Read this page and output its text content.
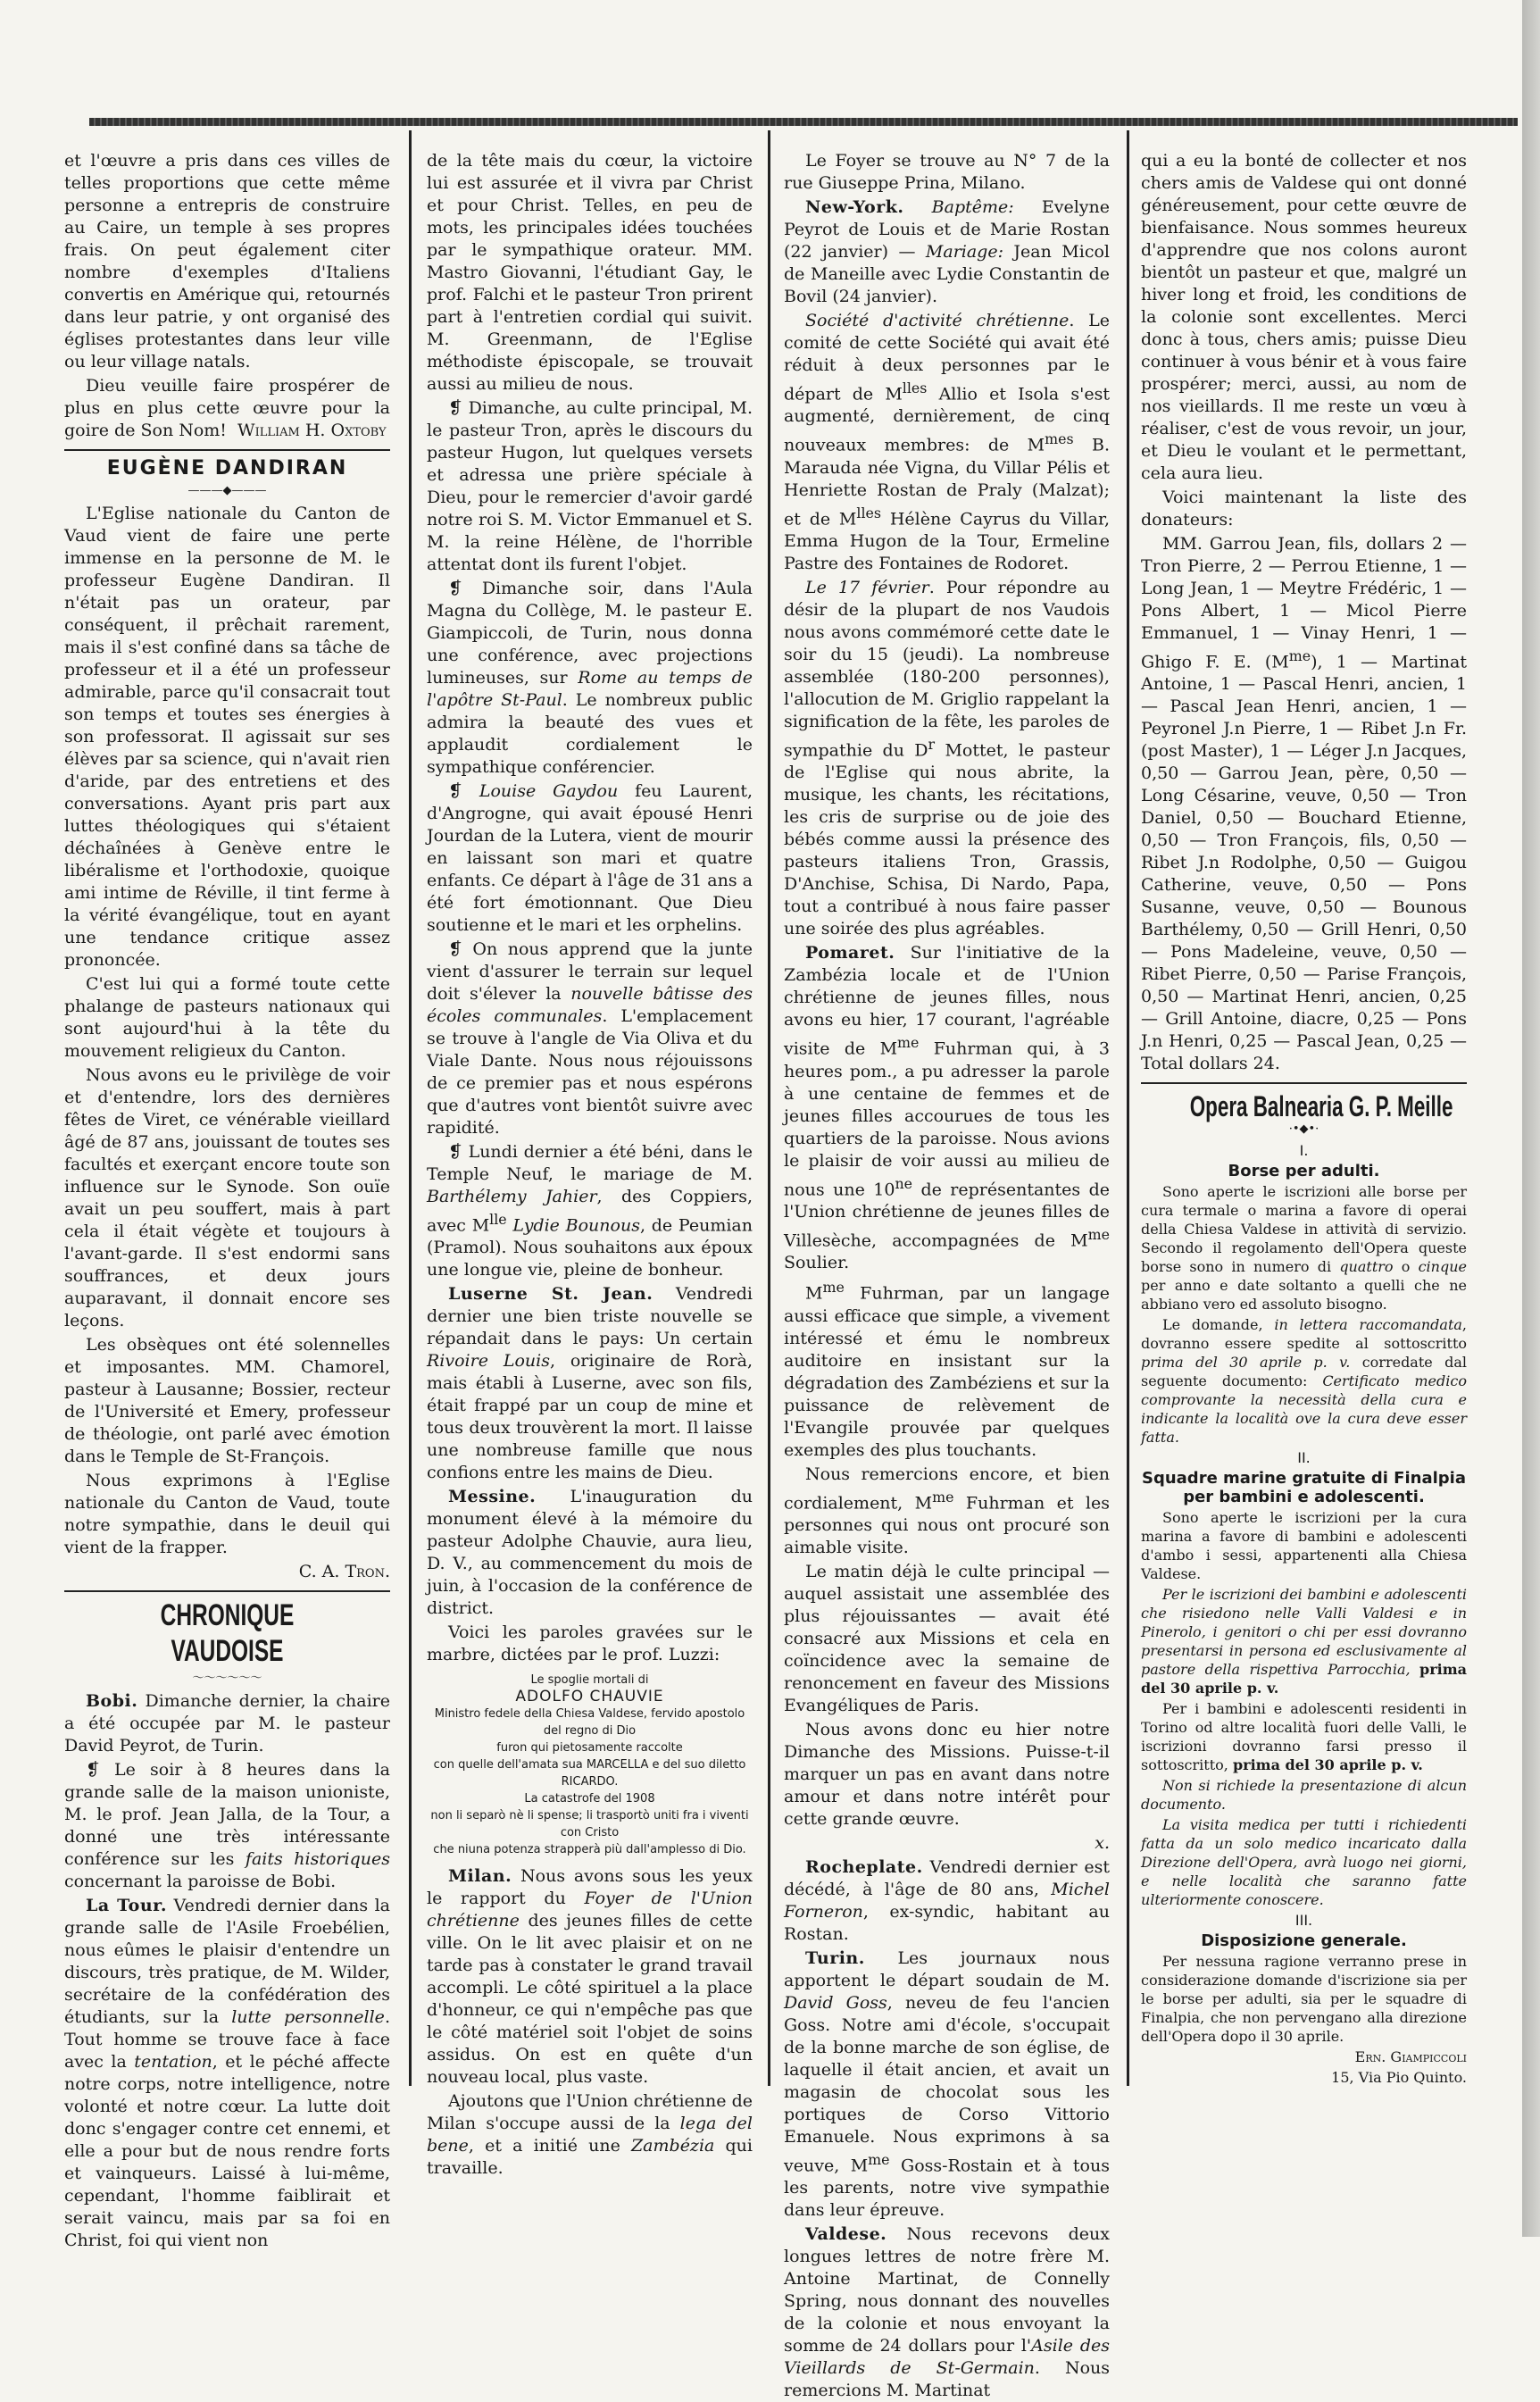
et l'œuvre a pris dans ces villes de telles proportions que cette même personne a entrepris de construire au Caire, un temple à ses propres frais. On peut également citer nombre d'exemples d'Italiens convertis en Amérique qui, retournés dans leur patrie, y ont organisé des églises protestantes dans leur ville ou leur village natals.

Dieu veuille faire prospérer de plus en plus cette œuvre pour la goire de Son Nom! William H. Oxtoby

EUGÈNE DANDIRAN
———◆———

L'Eglise nationale du Canton de Vaud vient de faire une perte immense en la personne de M. le professeur Eugène Dandiran. Il n'était pas un orateur, par conséquent, il prêchait rarement, mais il s'est confiné dans sa tâche de professeur et il a été un professeur admirable, parce qu'il consacrait tout son temps et toutes ses énergies à son professorat. Il agissait sur ses élèves par sa science, qui n'avait rien d'aride, par des entretiens et des conversations. Ayant pris part aux luttes théologiques qui s'étaient déchaînées à Genève entre le libéralisme et l'orthodoxie, quoique ami intime de Réville, il tint ferme à la vérité évangélique, tout en ayant une tendance critique assez prononcée.

C'est lui qui a formé toute cette phalange de pasteurs nationaux qui sont aujourd'hui à la tête du mouvement religieux du Canton.

Nous avons eu le privilège de voir et d'entendre, lors des dernières fêtes de Viret, ce vénérable vieillard âgé de 87 ans, jouissant de toutes ses facultés et exerçant encore toute son influence sur le Synode. Son ouïe avait un peu souffert, mais à part cela il était végète et toujours à l'avant-garde. Il s'est endormi sans souffrances, et deux jours auparavant, il donnait encore ses leçons.

Les obsèques ont été solennelles et imposantes. MM. Chamorel, pasteur à Lausanne; Bossier, recteur de l'Université et Emery, professeur de théologie, ont parlé avec émotion dans le Temple de St-François.

Nous exprimons à l'Eglise nationale du Canton de Vaud, toute notre sympathie, dans le deuil qui vient de la frapper.

C. A. Tron.

CHRONIQUE VAUDOISE
～～～～～～

Bobi. Dimanche dernier, la chaire a été occupée par M. le pasteur David Peyrot, de Turin.

❡ Le soir à 8 heures dans la grande salle de la maison unioniste, M. le prof. Jean Jalla, de la Tour, a donné une très intéressante conférence sur les faits historiques concernant la paroisse de Bobi.

La Tour. Vendredi dernier dans la grande salle de l'Asile Froebélien, nous eûmes le plaisir d'entendre un discours, très pratique, de M. Wilder, secrétaire de la confédération des étudiants, sur la lutte personnelle. Tout homme se trouve face à face avec la tentation, et le péché affecte notre corps, notre intelligence, notre volonté et notre cœur. La lutte doit donc s'engager contre cet ennemi, et elle a pour but de nous rendre forts et vainqueurs. Laissé à lui-même, cependant, l'homme faiblirait et serait vaincu, mais par sa foi en Christ, foi qui vient non

de la tête mais du cœur, la victoire lui est assurée et il vivra par Christ et pour Christ. Telles, en peu de mots, les principales idées touchées par le sympathique orateur. MM. Mastro Giovanni, l'étudiant Gay, le prof. Falchi et le pasteur Tron prirent part à l'entretien cordial qui suivit. M. Greenmann, de l'Eglise méthodiste épiscopale, se trouvait aussi au milieu de nous.

❡ Dimanche, au culte principal, M. le pasteur Tron, après le discours du pasteur Hugon, lut quelques versets et adressa une prière spéciale à Dieu, pour le remercier d'avoir gardé notre roi S. M. Victor Emmanuel et S. M. la reine Hélène, de l'horrible attentat dont ils furent l'objet.

❡ Dimanche soir, dans l'Aula Magna du Collège, M. le pasteur E. Giampiccoli, de Turin, nous donna une conférence, avec projections lumineuses, sur Rome au temps de l'apôtre St-Paul. Le nombreux public admira la beauté des vues et applaudit cordialement le sympathique conférencier.

❡ Louise Gaydou feu Laurent, d'Angrogne, qui avait épousé Henri Jourdan de la Lutera, vient de mourir en laissant son mari et quatre enfants. Ce départ à l'âge de 31 ans a été fort émotionnant. Que Dieu soutienne et le mari et les orphelins.

❡ On nous apprend que la junte vient d'assurer le terrain sur lequel doit s'élever la nouvelle bâtisse des écoles communales. L'emplacement se trouve à l'angle de Via Oliva et du Viale Dante. Nous nous réjouissons de ce premier pas et nous espérons que d'autres vont bientôt suivre avec rapidité.

❡ Lundi dernier a été béni, dans le Temple Neuf, le mariage de M. Barthélemy Jahier, des Coppiers, avec $M^{lle}$ Lydie Bounous, de Peumian (Pramol). Nous souhaitons aux époux une longue vie, pleine de bonheur.

Luserne St. Jean. Vendredi dernier une bien triste nouvelle se répandait dans le pays: Un certain Rivoire Louis, originaire de Rorà, mais établi à Luserne, avec son fils, était frappé par un coup de mine et tous deux trouvèrent la mort. Il laisse une nombreuse famille que nous confions entre les mains de Dieu.

Messine. L'inauguration du monument élevé à la mémoire du pasteur Adolphe Chauvie, aura lieu, D. V., au commencement du mois de juin, à l'occasion de la conférence de district.

Voici les paroles gravées sur le marbre, dictées par le prof. Luzzi:

Le spoglie mortali di

ADOLFO CHAUVIE

Ministro fedele della Chiesa Valdese, fervido apostolo del regno di Dio

furon qui pietosamente raccolte

con quelle dell'amata sua MARCELLA e del suo diletto RICARDO.

La catastrofe del 1908

non li separò nè li spense; li trasportò uniti fra i viventi con Cristo

che niuna potenza strapperà più dall'amplesso di Dio.

Milan. Nous avons sous les yeux le rapport du Foyer de l'Union chrétienne des jeunes filles de cette ville. On le lit avec plaisir et on ne tarde pas à constater le grand travail accompli. Le côté spirituel a la place d'honneur, ce qui n'empêche pas que le côté matériel soit l'objet de soins assidus. On est en quête d'un nouveau local, plus vaste.

Ajoutons que l'Union chrétienne de Milan s'occupe aussi de la lega del bene, et a initié une Zambézia qui travaille.

Le Foyer se trouve au N° 7 de la rue Giuseppe Prina, Milano.

New-York. Baptême: Evelyne Peyrot de Louis et de Marie Rostan (22 janvier) — Mariage: Jean Micol de Maneille avec Lydie Constantin de Bovil (24 janvier).

Société d'activité chrétienne. Le comité de cette Société qui avait été réduit à deux personnes par le départ de $M^{lles}$ Allio et Isola s'est augmenté, dernièrement, de cinq nouveaux membres: de $M^{mes}$ B. Marauda née Vigna, du Villar Pélis et Henriette Rostan de Praly (Malzat); et de $M^{lles}$ Hélène Cayrus du Villar, Emma Hugon de la Tour, Ermeline Pastre des Fontaines de Rodoret.

Le 17 février. Pour répondre au désir de la plupart de nos Vaudois nous avons commémoré cette date le soir du 15 (jeudi). La nombreuse assemblée (180-200 personnes), l'allocution de M. Griglio rappelant la signification de la fête, les paroles de sympathie du $D^r$ Mottet, le pasteur de l'Eglise qui nous abrite, la musique, les chants, les récitations, les cris de surprise ou de joie des bébés comme aussi la présence des pasteurs italiens Tron, Grassis, D'Anchise, Schisa, Di Nardo, Papa, tout a contribué à nous faire passer une soirée des plus agréables.

Pomaret. Sur l'initiative de la Zambézia locale et de l'Union chrétienne de jeunes filles, nous avons eu hier, 17 courant, l'agréable visite de $M^{me}$ Fuhrman qui, à 3 heures pom., a pu adresser la parole à une centaine de femmes et de jeunes filles accourues de tous les quartiers de la paroisse. Nous avions le plaisir de voir aussi au milieu de nous une $10^{ne}$ de représentantes de l'Union chrétienne de jeunes filles de Villesèche, accompagnées de $M^{me}$ Soulier.

$M^{me}$ Fuhrman, par un langage aussi efficace que simple, a vivement intéressé et ému le nombreux auditoire en insistant sur la dégradation des Zambéziens et sur la puissance de relèvement de l'Evangile prouvée par quelques exemples des plus touchants.

Nous remercions encore, et bien cordialement, $M^{me}$ Fuhrman et les personnes qui nous ont procuré son aimable visite.

Le matin déjà le culte principal — auquel assistait une assemblée des plus réjouissantes — avait été consacré aux Missions et cela en coïncidence avec la semaine de renoncement en faveur des Missions Evangéliques de Paris.

Nous avons donc eu hier notre Dimanche des Missions. Puisse-t-il marquer un pas en avant dans notre amour et dans notre intérêt pour cette grande œuvre.

x.

Rocheplate. Vendredi dernier est décédé, à l'âge de 80 ans, Michel Forneron, ex-syndic, habitant au Rostan.

Turin. Les journaux nous apportent le départ soudain de M. David Goss, neveu de feu l'ancien Goss. Notre ami d'école, s'occupait de la bonne marche de son église, de laquelle il était ancien, et avait un magasin de chocolat sous les portiques de Corso Vittorio Emanuele. Nous exprimons à sa veuve, $M^{me}$ Goss-Rostain et à tous les parents, notre vive sympathie dans leur épreuve.

Valdese. Nous recevons deux longues lettres de notre frère M. Antoine Martinat, de Connelly Spring, nous donnant des nouvelles de la colonie et nous envoyant la somme de 24 dollars pour l'Asile des Vieillards de St-Germain. Nous remercions M. Martinat

qui a eu la bonté de collecter et nos chers amis de Valdese qui ont donné généreusement, pour cette œuvre de bienfaisance. Nous sommes heureux d'apprendre que nos colons auront bientôt un pasteur et que, malgré un hiver long et froid, les conditions de la colonie sont excellentes. Merci donc à tous, chers amis; puisse Dieu continuer à vous bénir et à vous faire prospérer; merci, aussi, au nom de nos vieillards. Il me reste un vœu à réaliser, c'est de vous revoir, un jour, et Dieu le voulant et le permettant, cela aura lieu.

Voici maintenant la liste des donateurs:

MM. Garrou Jean, fils, dollars 2 — Tron Pierre, 2 — Perrou Etienne, 1 — Long Jean, 1 — Meytre Frédéric, 1 — Pons Albert, 1 — Micol Pierre Emmanuel, 1 — Vinay Henri, 1 — Ghigo F. E. $(M^{me})$, 1 — Martinat Antoine, 1 — Pascal Henri, ancien, 1 — Pascal Jean Henri, ancien, 1 — Peyronel J.n Pierre, 1 — Ribet J.n Fr. (post Master), 1 — Léger J.n Jacques, 0,50 — Garrou Jean, père, 0,50 — Long Césarine, veuve, 0,50 — Tron Daniel, 0,50 — Bouchard Etienne, 0,50 — Tron François, fils, 0,50 — Ribet J.n Rodolphe, 0,50 — Guigou Catherine, veuve, 0,50 — Pons Susanne, veuve, 0,50 — Bounous Barthélemy, 0,50 — Grill Henri, 0,50 — Pons Madeleine, veuve, 0,50 — Ribet Pierre, 0,50 — Parise François, 0,50 — Martinat Henri, ancien, 0,25 — Grill Antoine, diacre, 0,25 — Pons J.n Henri, 0,25 — Pascal Jean, 0,25 — Total dollars 24.

Opera Balnearia G. P. Meille
·•◆•·

I.

Borse per adulti.

Sono aperte le iscrizioni alle borse per cura termale o marina a favore di operai della Chiesa Valdese in attività di servizio. Secondo il regolamento dell'Opera queste borse sono in numero di quattro o cinque per anno e date soltanto a quelli che ne abbiano vero ed assoluto bisogno.

Le domande, in lettera raccomandata, dovranno essere spedite al sottoscritto prima del 30 aprile p. v. corredate dal seguente documento: Certificato medico comprovante la necessità della cura e indicante la località ove la cura deve esser fatta.

II.

Squadre marine gratuite di Finalpia per bambini e adolescenti.

Sono aperte le iscrizioni per la cura marina a favore di bambini e adolescenti d'ambo i sessi, appartenenti alla Chiesa Valdese.

Per le iscrizioni dei bambini e adolescenti che risiedono nelle Valli Valdesi e in Pinerolo, i genitori o chi per essi dovranno presentarsi in persona ed esclusivamente al pastore della rispettiva Parrocchia, prima del 30 aprile p. v.

Per i bambini e adolescenti residenti in Torino od altre località fuori delle Valli, le iscrizioni dovranno farsi presso il sottoscritto, prima del 30 aprile p. v.

Non si richiede la presentazione di alcun documento.

La visita medica per tutti i richiedenti fatta da un solo medico incaricato dalla Direzione dell'Opera, avrà luogo nei giorni, e nelle località che saranno fatte ulteriormente conoscere.

III.

Disposizione generale.

Per nessuna ragione verranno prese in considerazione domande d'iscrizione sia per le borse per adulti, sia per le squadre di Finalpia, che non pervengano alla direzione dell'Opera dopo il 30 aprile.

Ern. Giampiccoli

15, Via Pio Quinto.
